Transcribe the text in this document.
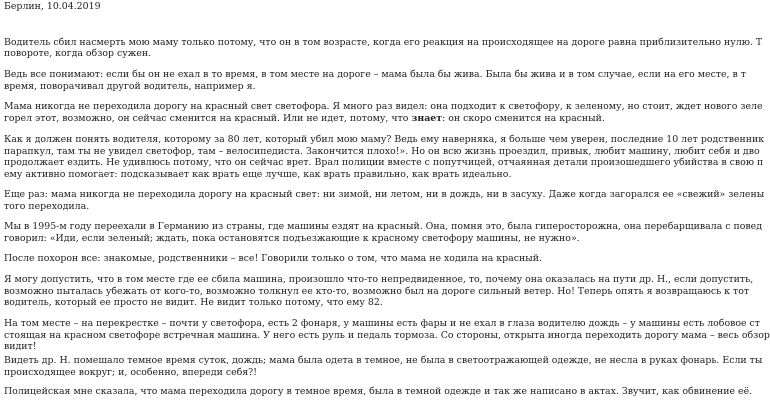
Берлин, 10.04.2019
Водитель сбил насмерть мою маму только потому, что он в том возрасте, когда его реакция на происходящее на дороге равна приблизительно нулю. Т
повороте, когда обзор сужен.
Ведь все понимают: если бы он не ехал в то время, в том месте на дороге – мама была бы жива. Была бы жива и в том случае, если на его месте, в т
время, поворачивал другой водитель, например я.
Мама никогда не переходила дорогу на красный свет светофора. Я много раз видел: она подходит к светофору, к зеленому, но стоит, ждет нового зеле
горел этот, возможно, он сейчас сменится на красный. Или не идет, потому, что знает: он скоро сменится на красный.
Как я должен понять водителя, которому за 80 лет, который убил мою маму? Ведь ему наверняка, я больше чем уверен, последние 10 лет родственник
парапкул, там ты не увидел светофор, там – велосипедиста. Закончится плохо!». Но он всю жизнь проездил, привык, любит машину, любит себя и дво
продолжает ездить. Не удивлюсь потому, что он сейчас врет. Врал полиции вместе с попутчицей, отчаянная детали произошедшего убийства в свою п
ему активно помогает: подсказывает как врать еще лучше, как врать правильно, как врать идеально.
Еще раз: мама никогда не переходила дорогу на красный свет: ни зимой, ни летом, ни в дождь, ни в засуху. Даже когда загорался ее «свежий» зелены
того переходила.
Мы в 1995-м году переехали в Германию из страны, где машины ездят на красный. Она, помня это, была гиперосторожна, она перебарщивала с повед
говорил: «Иди, если зеленый; ждать, пока остановятся подъезжающие к красному светофору машины, не нужно».
После похорон все: знакомые, родственники – все! Говорили только о том, что мама не ходила на красный.
Я могу допустить, что в том месте где ее сбила машина, произошло что-то непредвиденное, то, почему она оказалась на пути др. Н., если допустить,
возможно пыталась убежать от кого-то, возможно толкнул ее кто-то, возможно был на дороге сильный ветер. Но! Теперь опять я возвращаюсь к тот
водитель, который ее просто не видит. Не видит только потому, что ему 82.
На том месте – на перекрестке – почти у светофора, есть 2 фонаря, у машины есть фары и не ехал в глаза водителю дождь – у машины есть лобовое ст
стоящая на красном светофоре встречная машина. У него есть руль и педаль тормоза. Со стороны, открыта иногда переходить дорогу мама – весь обзор
видит!
Видеть др. Н. помешало темное время суток, дождь; мама была одета в темное, не была в светоотражающей одежде, не несла в руках фонарь. Если ты
происходящее вокруг; и, особенно, впереди себя?!
Полицейская мне сказала, что мама переходила дорогу в темное время, была в темной одежде и так же написано в актах. Звучит, как обвинение её.
